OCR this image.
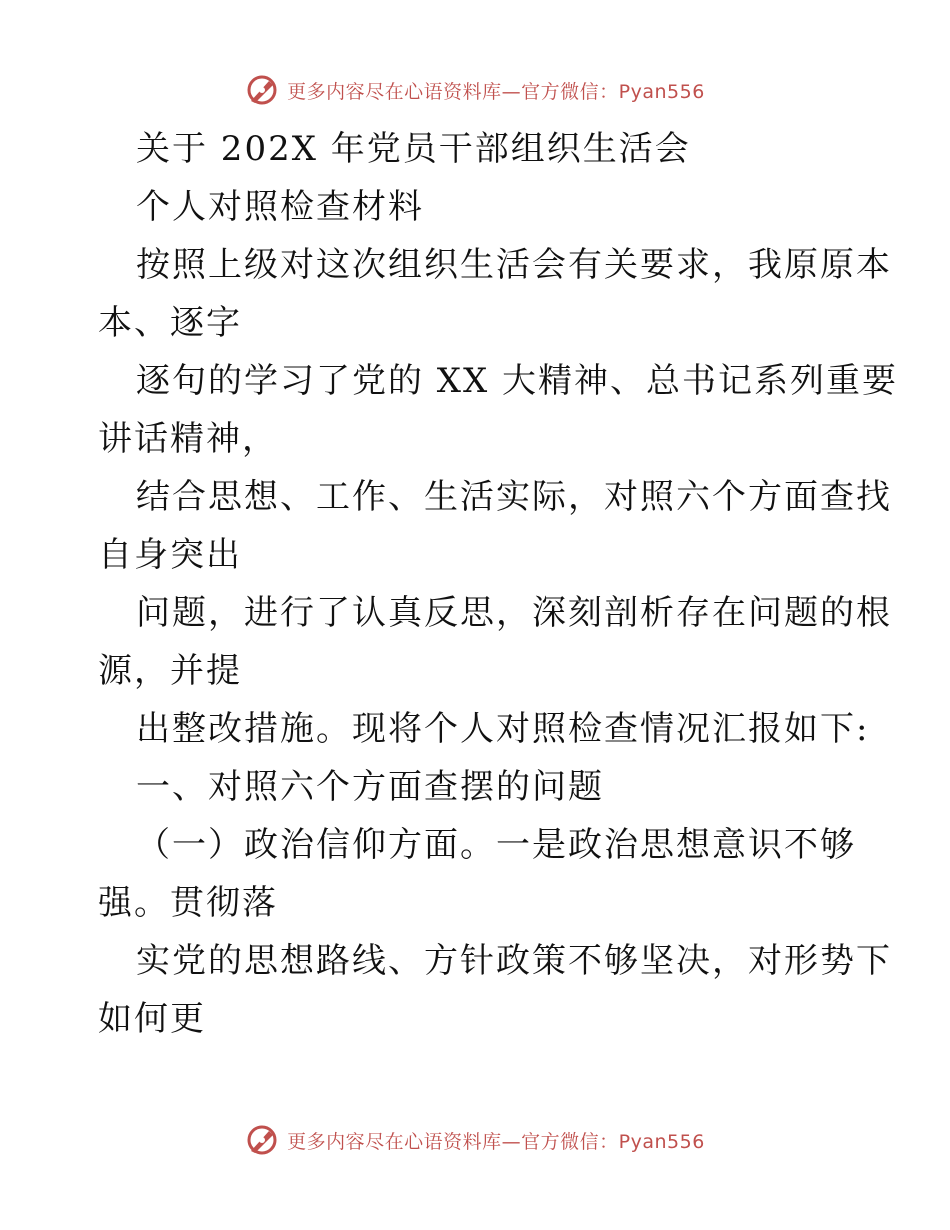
更多内容尽在心语资料库—官方微信：Pyan556
关于 202X 年党员干部组织生活会
个人对照检查材料
按照上级对这次组织生活会有关要求，我原原本
本、逐字
逐句的学习了党的 XX 大精神、总书记系列重要
讲话精神，
结合思想、工作、生活实际，对照六个方面查找
自身突出
问题，进行了认真反思，深刻剖析存在问题的根
源，并提
出整改措施。现将个人对照检查情况汇报如下:
一、对照六个方面查摆的问题
（一）政治信仰方面。一是政治思想意识不够
强。贯彻落
实党的思想路线、方针政策不够坚决，对形势下
如何更
更多内容尽在心语资料库—官方微信：Pyan556
